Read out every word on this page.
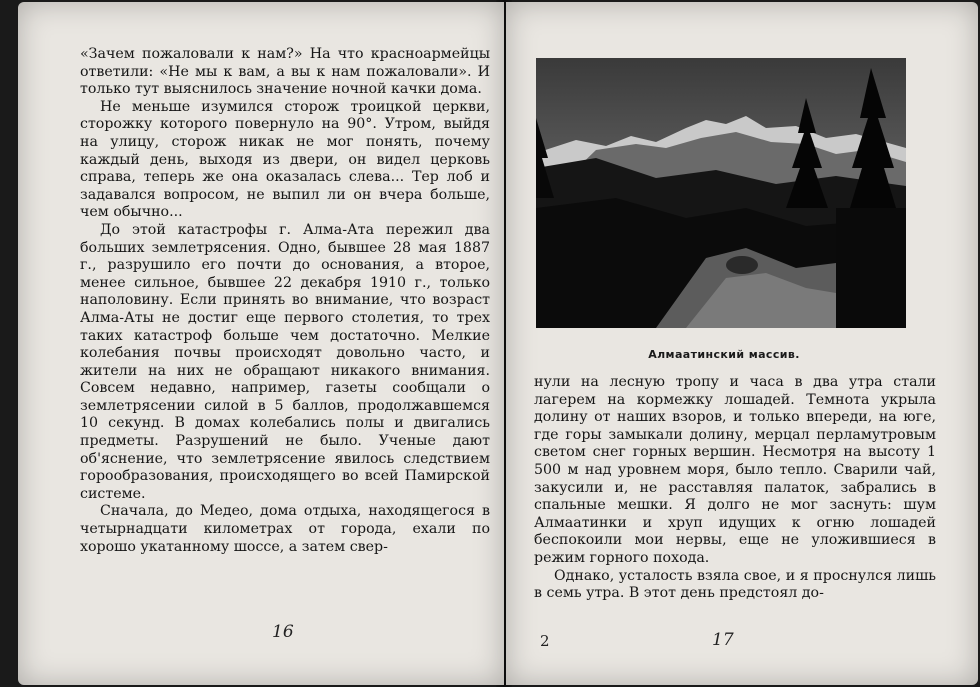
«Зачем пожаловали к нам?» На что красноармейцы ответили: «Не мы к вам, а вы к нам пожаловали». И только тут выяснилось значение ночной качки дома.

Не меньше изумился сторож троицкой церкви, сторожку которого повернуло на 90°. Утром, выйдя на улицу, сторож никак не мог понять, почему каждый день, выходя из двери, он видел церковь справа, теперь же она оказалась слева... Тер лоб и задавался вопросом, не выпил ли он вчера больше, чем обычно...

До этой катастрофы г. Алма-Ата пережил два больших землетрясения. Одно, бывшее 28 мая 1887 г., разрушило его почти до основания, а второе, менее сильное, бывшее 22 декабря 1910 г., только наполовину. Если принять во внимание, что возраст Алма-Аты не достиг еще первого столетия, то трех таких катастроф больше чем достаточно. Мелкие колебания почвы происходят довольно часто, и жители на них не обращают никакого внимания. Совсем недавно, например, газеты сообщали о землетрясении силой в 5 баллов, продолжавшемся 10 секунд. В домах колебались полы и двигались предметы. Разрушений не было. Ученые дают об'яснение, что землетрясение явилось следствием горообразования, происходящего во всей Памирской системе.

Сначала, до Медео, дома отдыха, находящегося в четырнадцати километрах от города, ехали по хорошо укатанному шоссе, а затем свер-

16
Алмаатинский массив.

нули на лесную тропу и часа в два утра стали лагерем на кормежку лошадей. Темнота укрыла долину от наших взоров, и только впереди, на юге, где горы замыкали долину, мерцал перламутровым светом снег горных вершин. Несмотря на высоту 1 500 м над уровнем моря, было тепло. Сварили чай, закусили и, не расставляя палаток, забрались в спальные мешки. Я долго не мог заснуть: шум Алмаатинки и хруп идущих к огню лошадей беспокоили мои нервы, еще не уложившиеся в режим горного похода.

Однако, усталость взяла свое, и я проснулся лишь в семь утра. В этот день предстоял до-

2	17
